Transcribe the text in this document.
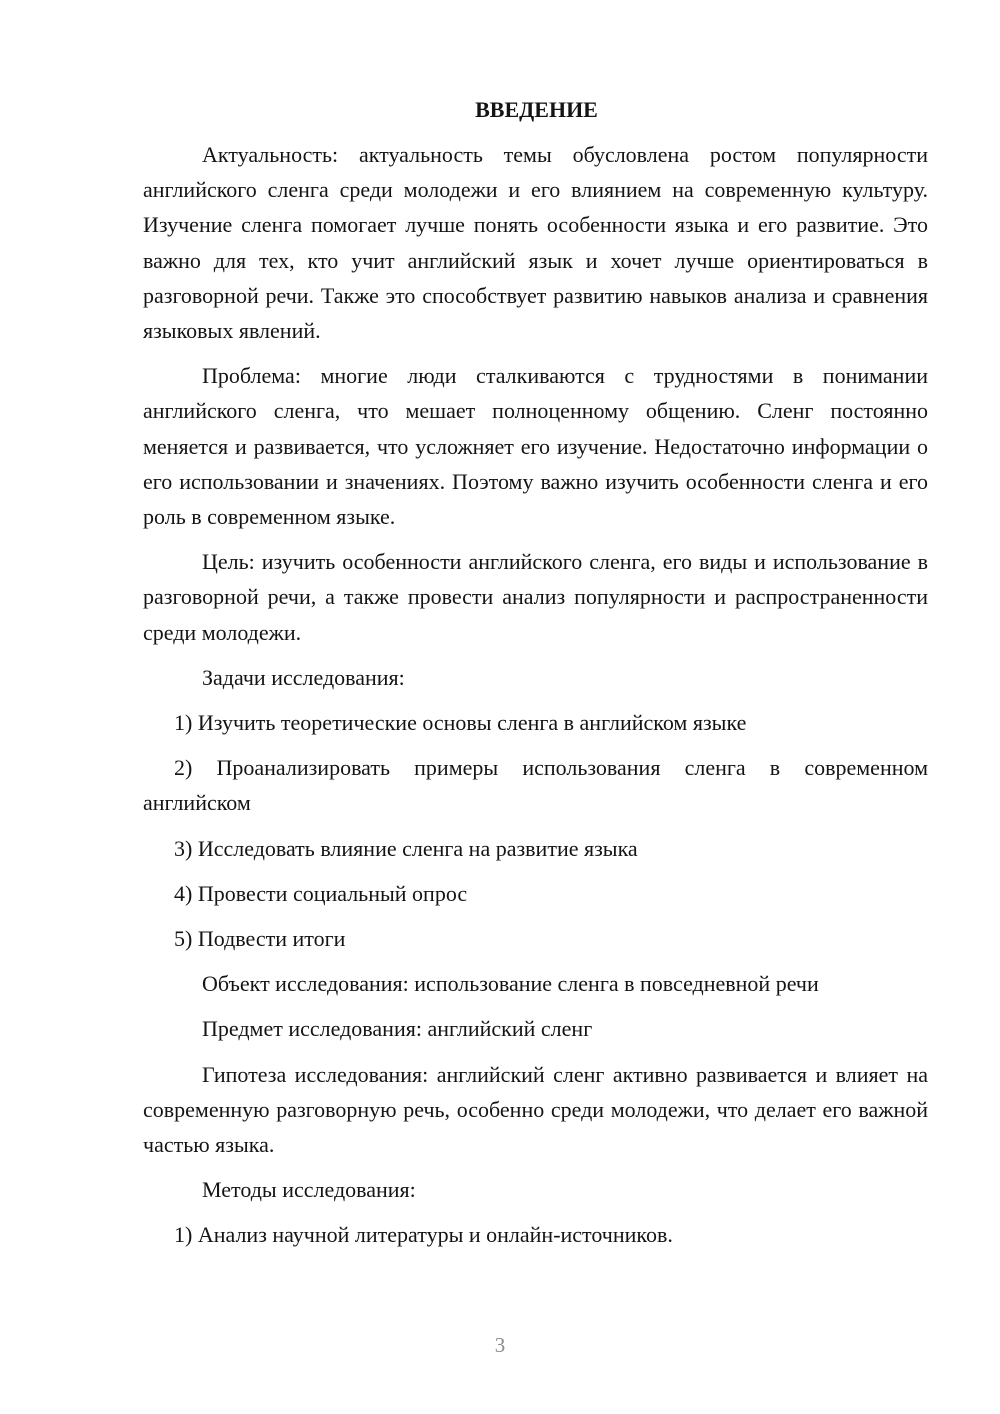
ВВЕДЕНИЕ

Актуальность: актуальность темы обусловлена ростом популярности английского сленга среди молодежи и его влиянием на современную культуру. Изучение сленга помогает лучше понять особенности языка и его развитие. Это важно для тех, кто учит английский язык и хочет лучше ориентироваться в разговорной речи. Также это способствует развитию навыков анализа и сравнения языковых явлений.

Проблема: многие люди сталкиваются с трудностями в понимании английского сленга, что мешает полноценному общению. Сленг постоянно меняется и развивается, что усложняет его изучение. Недостаточно информации о его использовании и значениях. Поэтому важно изучить особенности сленга и его роль в современном языке.

Цель: изучить особенности английского сленга, его виды и использование в разговорной речи, а также провести анализ популярности и распространенности среди молодежи.

Задачи исследования:

1) Изучить теоретические основы сленга в английском языке

2) Проанализировать примеры использования сленга в современном английском

3) Исследовать влияние сленга на развитие языка

4) Провести социальный опрос

5) Подвести итоги

Объект исследования: использование сленга в повседневной речи

Предмет исследования: английский сленг

Гипотеза исследования: английский сленг активно развивается и влияет на современную разговорную речь, особенно среди молодежи, что делает его важной частью языка.

Методы исследования:

1) Анализ научной литературы и онлайн-источников.

3
